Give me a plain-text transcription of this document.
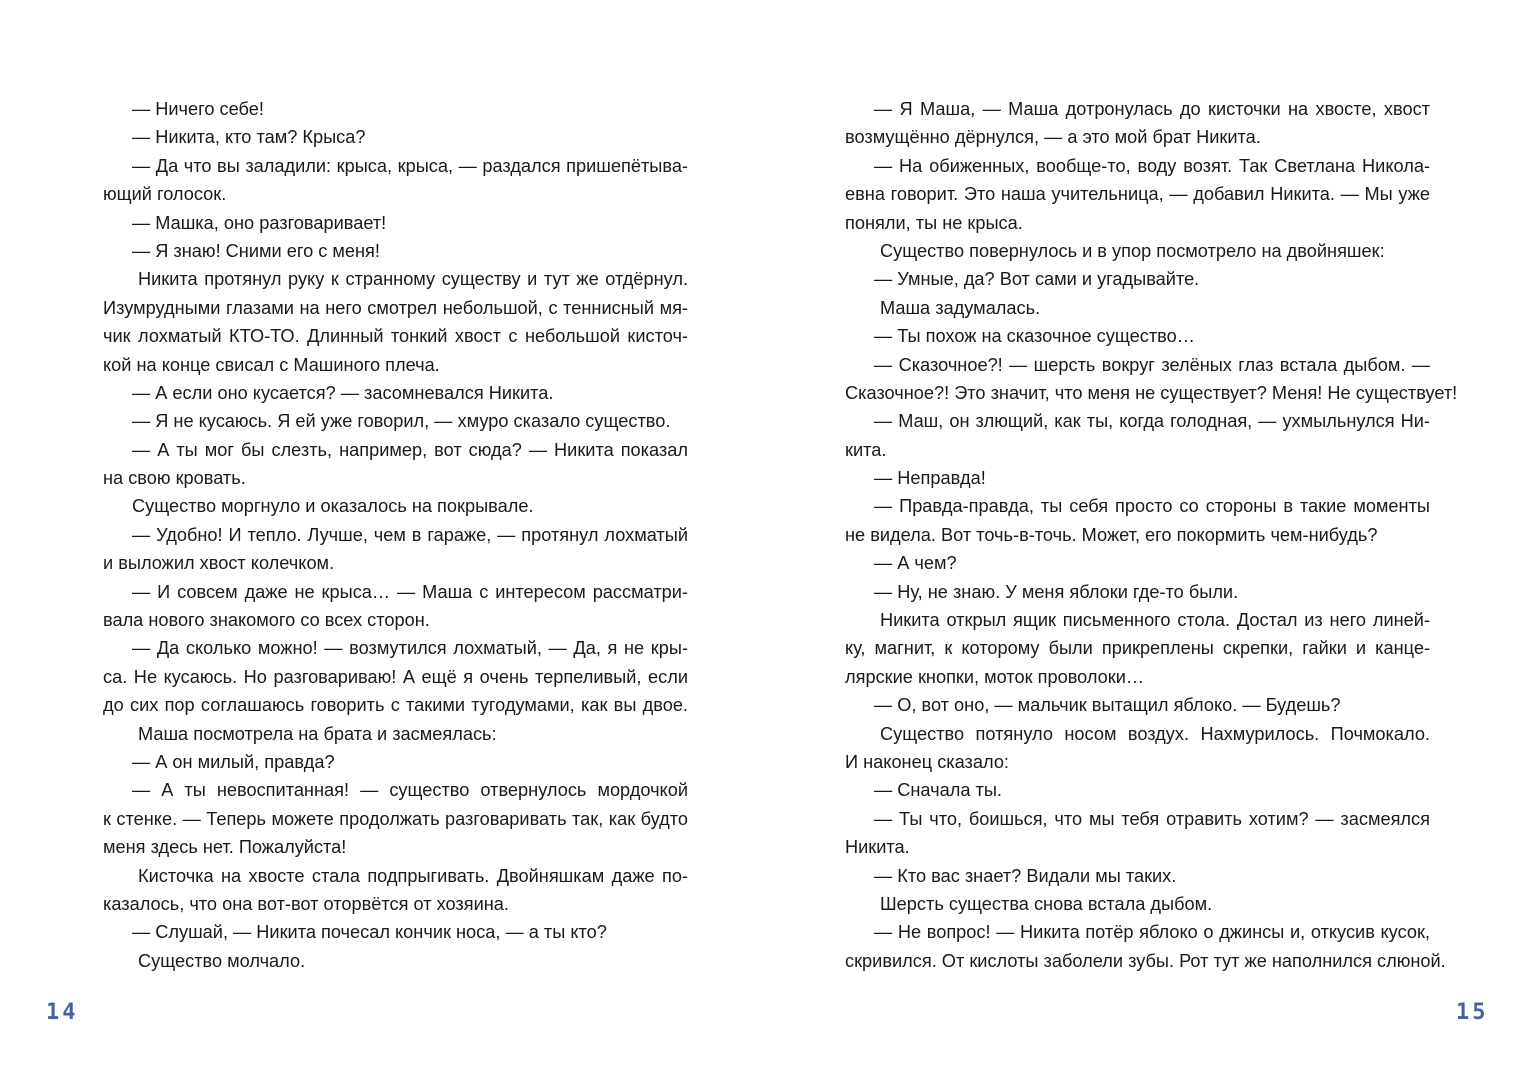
— Ничего себе!
— Никита, кто там? Крыса?
— Да что вы заладили: крыса, крыса, — раздался пришепётыва-
ющий голосок.
— Машка, оно разговаривает!
— Я знаю! Сними его с меня!
Никита протянул руку к странному существу и тут же отдёрнул.
Изумрудными глазами на него смотрел небольшой, с теннисный мя-
чик лохматый КТО-ТО. Длинный тонкий хвост с небольшой кисточ-
кой на конце свисал с Машиного плеча.
— А если оно кусается? — засомневался Никита.
— Я не кусаюсь. Я ей уже говорил, — хмуро сказало существо.
— А ты мог бы слезть, например, вот сюда? — Никита показал
на свою кровать.
Существо моргнуло и оказалось на покрывале.
— Удобно! И тепло. Лучше, чем в гараже, — протянул лохматый
и выложил хвост колечком.
— И совсем даже не крыса… — Маша с интересом рассматри-
вала нового знакомого со всех сторон.
— Да сколько можно! — возмутился лохматый, — Да, я не кры-
са. Не кусаюсь. Но разговариваю! А ещё я очень терпеливый, если
до сих пор соглашаюсь говорить с такими тугодумами, как вы двое.
Маша посмотрела на брата и засмеялась:
— А он милый, правда?
— А ты невоспитанная! — существо отвернулось мордочкой
к стенке. — Теперь можете продолжать разговаривать так, как будто
меня здесь нет. Пожалуйста!
Кисточка на хвосте стала подпрыгивать. Двойняшкам даже по-
казалось, что она вот-вот оторвётся от хозяина.
— Слушай, — Никита почесал кончик носа, — а ты кто?
Существо молчало.
— Я Маша, — Маша дотронулась до кисточки на хвосте, хвост
возмущённо дёрнулся, — а это мой брат Никита.
— На обиженных, вообще-то, воду возят. Так Светлана Никола-
евна говорит. Это наша учительница, — добавил Никита. — Мы уже
поняли, ты не крыса.
Существо повернулось и в упор посмотрело на двойняшек:
— Умные, да? Вот сами и угадывайте.
Маша задумалась.
— Ты похож на сказочное существо…
— Сказочное?! — шерсть вокруг зелёных глаз встала дыбом. —
Сказочное?! Это значит, что меня не существует? Меня! Не существует!
— Маш, он злющий, как ты, когда голодная, — ухмыльнулся Ни-
кита.
— Неправда!
— Правда-правда, ты себя просто со стороны в такие моменты
не видела. Вот точь-в-точь. Может, его покормить чем-нибудь?
— А чем?
— Ну, не знаю. У меня яблоки где-то были.
Никита открыл ящик письменного стола. Достал из него линей-
ку, магнит, к которому были прикреплены скрепки, гайки и канце-
лярские кнопки, моток проволоки…
— О, вот оно, — мальчик вытащил яблоко. — Будешь?
Существо потянуло носом воздух. Нахмурилось. Почмокало.
И наконец сказало:
— Сначала ты.
— Ты что, боишься, что мы тебя отравить хотим? — засмеялся
Никита.
— Кто вас знает? Видали мы таких.
Шерсть существа снова встала дыбом.
— Не вопрос! — Никита потёр яблоко о джинсы и, откусив кусок,
скривился. От кислоты заболели зубы. Рот тут же наполнился слюной.
14	15
